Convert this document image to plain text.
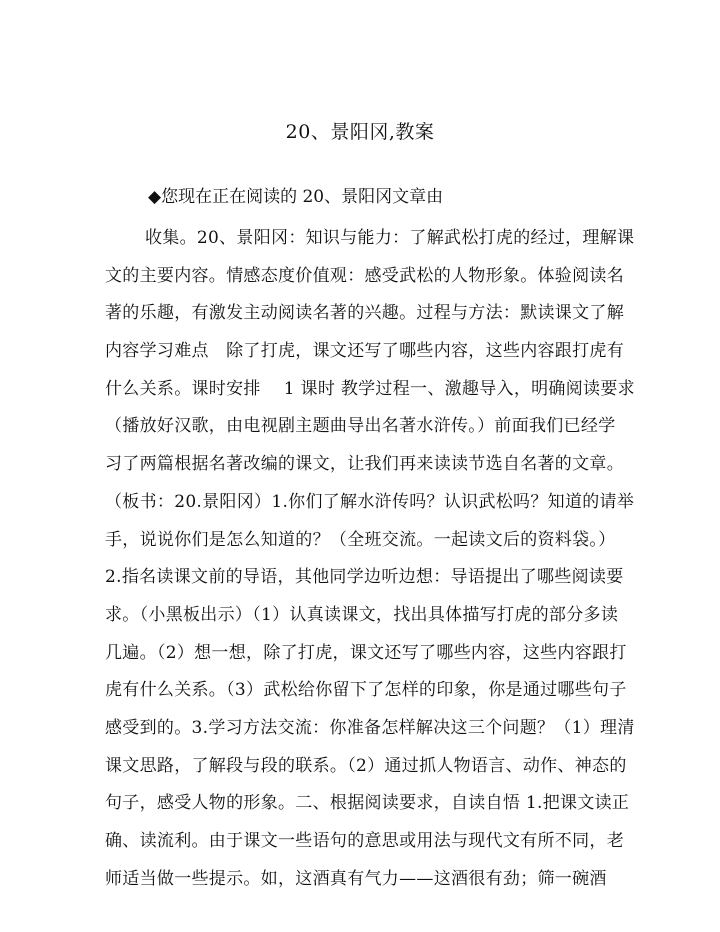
20、景阳冈,教案
◆您现在正在阅读的 20、景阳冈文章由
收集。20、景阳冈：知识与能力：了解武松打虎的经过，理解课
文的主要内容。情感态度价值观：感受武松的人物形象。体验阅读名
著的乐趣，有激发主动阅读名著的兴趣。过程与方法：默读课文了解
内容学习难点　除了打虎，课文还写了哪些内容，这些内容跟打虎有
什么关系。课时安排　 1 课时 教学过程一、激趣导入，明确阅读要求
（播放好汉歌，由电视剧主题曲导出名著水浒传。）前面我们已经学
习了两篇根据名著改编的课文，让我们再来读读节选自名著的文章。
（板书：20.景阳冈）1.你们了解水浒传吗？认识武松吗？知道的请举
手，说说你们是怎么知道的？（全班交流。一起读文后的资料袋。）
2.指名读课文前的导语，其他同学边听边想：导语提出了哪些阅读要
求。（小黑板出示）（1）认真读课文，找出具体描写打虎的部分多读
几遍。（2）想一想，除了打虎，课文还写了哪些内容，这些内容跟打
虎有什么关系。（3）武松给你留下了怎样的印象，你是通过哪些句子
感受到的。3.学习方法交流：你准备怎样解决这三个问题？（1）理清
课文思路，了解段与段的联系。（2）通过抓人物语言、动作、神态的
句子，感受人物的形象。二、根据阅读要求，自读自悟 1.把课文读正
确、读流利。由于课文一些语句的意思或用法与现代文有所不同，老
师适当做一些提示。如，这酒真有气力——这酒很有劲；筛一碗酒
